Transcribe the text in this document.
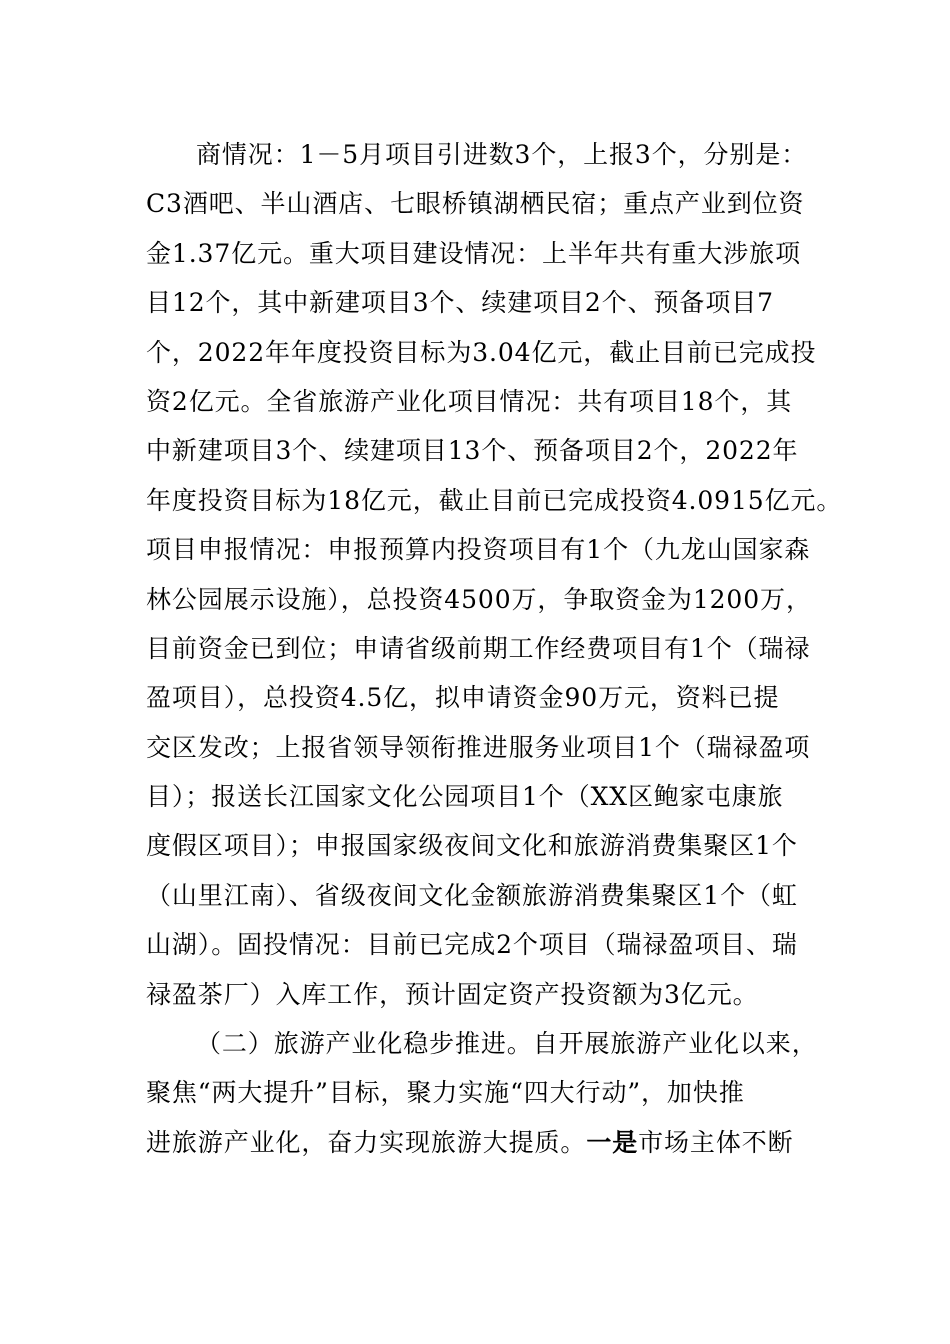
商情况：1－5月项目引进数3个，上报3个，分别是：
C3酒吧、半山酒店、七眼桥镇湖栖民宿；重点产业到位资
金1.37亿元。重大项目建设情况：上半年共有重大涉旅项
目12个，其中新建项目3个、续建项目2个、预备项目7
个，2022年年度投资目标为3.04亿元，截止目前已完成投
资2亿元。全省旅游产业化项目情况：共有项目18个，其
中新建项目3个、续建项目13个、预备项目2个，2022年
年度投资目标为18亿元，截止目前已完成投资4.0915亿元。
项目申报情况：申报预算内投资项目有1个（九龙山国家森
林公园展示设施），总投资4500万，争取资金为1200万，
目前资金已到位；申请省级前期工作经费项目有1个（瑞禄
盈项目），总投资4.5亿，拟申请资金90万元，资料已提
交区发改；上报省领导领衔推进服务业项目1个（瑞禄盈项
目）；报送长江国家文化公园项目1个（XX区鲍家屯康旅
度假区项目）；申报国家级夜间文化和旅游消费集聚区1个
（山里江南）、省级夜间文化金额旅游消费集聚区1个（虹
山湖）。固投情况：目前已完成2个项目（瑞禄盈项目、瑞
禄盈茶厂）入库工作，预计固定资产投资额为3亿元。
（二）旅游产业化稳步推进。自开展旅游产业化以来，
聚焦“两大提升”目标，聚力实施“四大行动”，加快推
进旅游产业化，奋力实现旅游大提质。一是市场主体不断
